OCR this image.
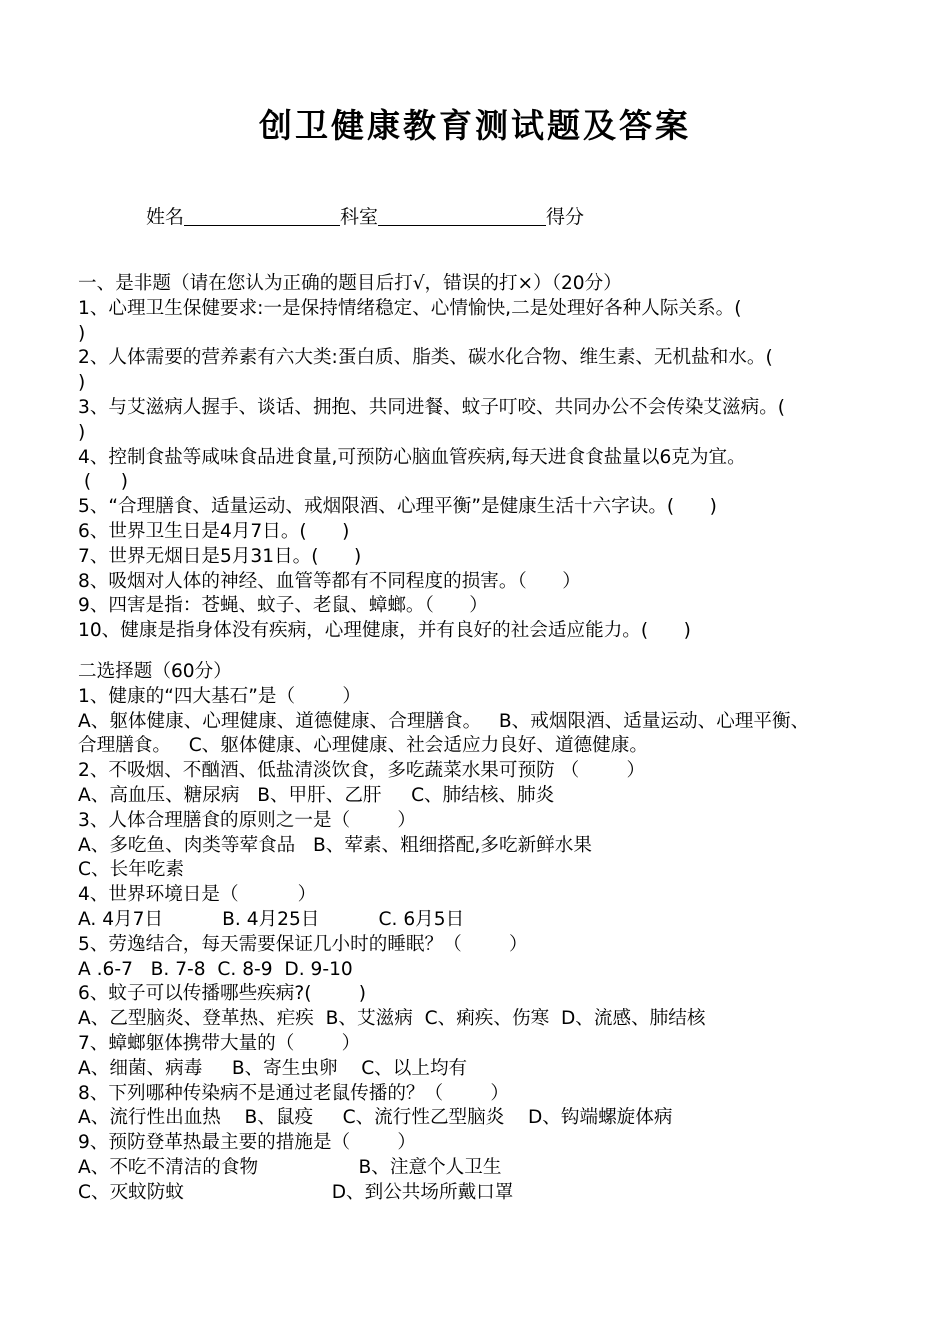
创卫健康教育测试题及答案
姓名	科室	得分
一、是非题（请在您认为正确的题目后打√，错误的打×）（20分）
1、心理卫生保健要求:一是保持情绪稳定、心情愉快,二是处理好各种人际关系。(
)
2、人体需要的营养素有六大类:蛋白质、脂类、碳水化合物、维生素、无机盐和水。(
)
3、与艾滋病人握手、谈话、拥抱、共同进餐、蚊子叮咬、共同办公不会传染艾滋病。(
)
4、控制食盐等咸味食品进食量,可预防心脑血管疾病,每天进食食盐量以6克为宜。
(     )
5、“合理膳食、适量运动、戒烟限酒、心理平衡”是健康生活十六字诀。(      )
6、世界卫生日是4月7日。(      )
7、世界无烟日是5月31日。(      )
8、吸烟对人体的神经、血管等都有不同程度的损害。（      ）
9、四害是指：苍蝇、蚊子、老鼠、蟑螂。（      ）
10、健康是指身体没有疾病，心理健康，并有良好的社会适应能力。(      )
二选择题（60分）
1、健康的“四大基石”是（        ）
A、躯体健康、心理健康、道德健康、合理膳食。   B、戒烟限酒、适量运动、心理平衡、
合理膳食。   C、躯体健康、心理健康、社会适应力良好、道德健康。
2、不吸烟、不酗酒、低盐清淡饮食，多吃蔬菜水果可预防 （        ）
A、高血压、糖尿病   B、甲肝、乙肝     C、肺结核、肺炎
3、人体合理膳食的原则之一是（        ）
A、多吃鱼、肉类等荤食品   B、荤素、粗细搭配,多吃新鲜水果
C、长年吃素
4、世界环境日是（          ）
A. 4月7日          B. 4月25日          C. 6月5日
5、劳逸结合，每天需要保证几小时的睡眠？（        ）
A .6-7   B. 7-8  C. 8-9  D. 9-10
6、蚊子可以传播哪些疾病?(        )
A、乙型脑炎、登革热、疟疾  B、艾滋病  C、痢疾、伤寒  D、流感、肺结核
7、蟑螂躯体携带大量的（        ）
A、细菌、病毒     B、寄生虫卵    C、以上均有
8、下列哪种传染病不是通过老鼠传播的？（        ）
A、流行性出血热    B、鼠疫     C、流行性乙型脑炎    D、钩端螺旋体病
9、预防登革热最主要的措施是（        ）
A、不吃不清洁的食物                 B、注意个人卫生
C、灭蚊防蚊                         D、到公共场所戴口罩
